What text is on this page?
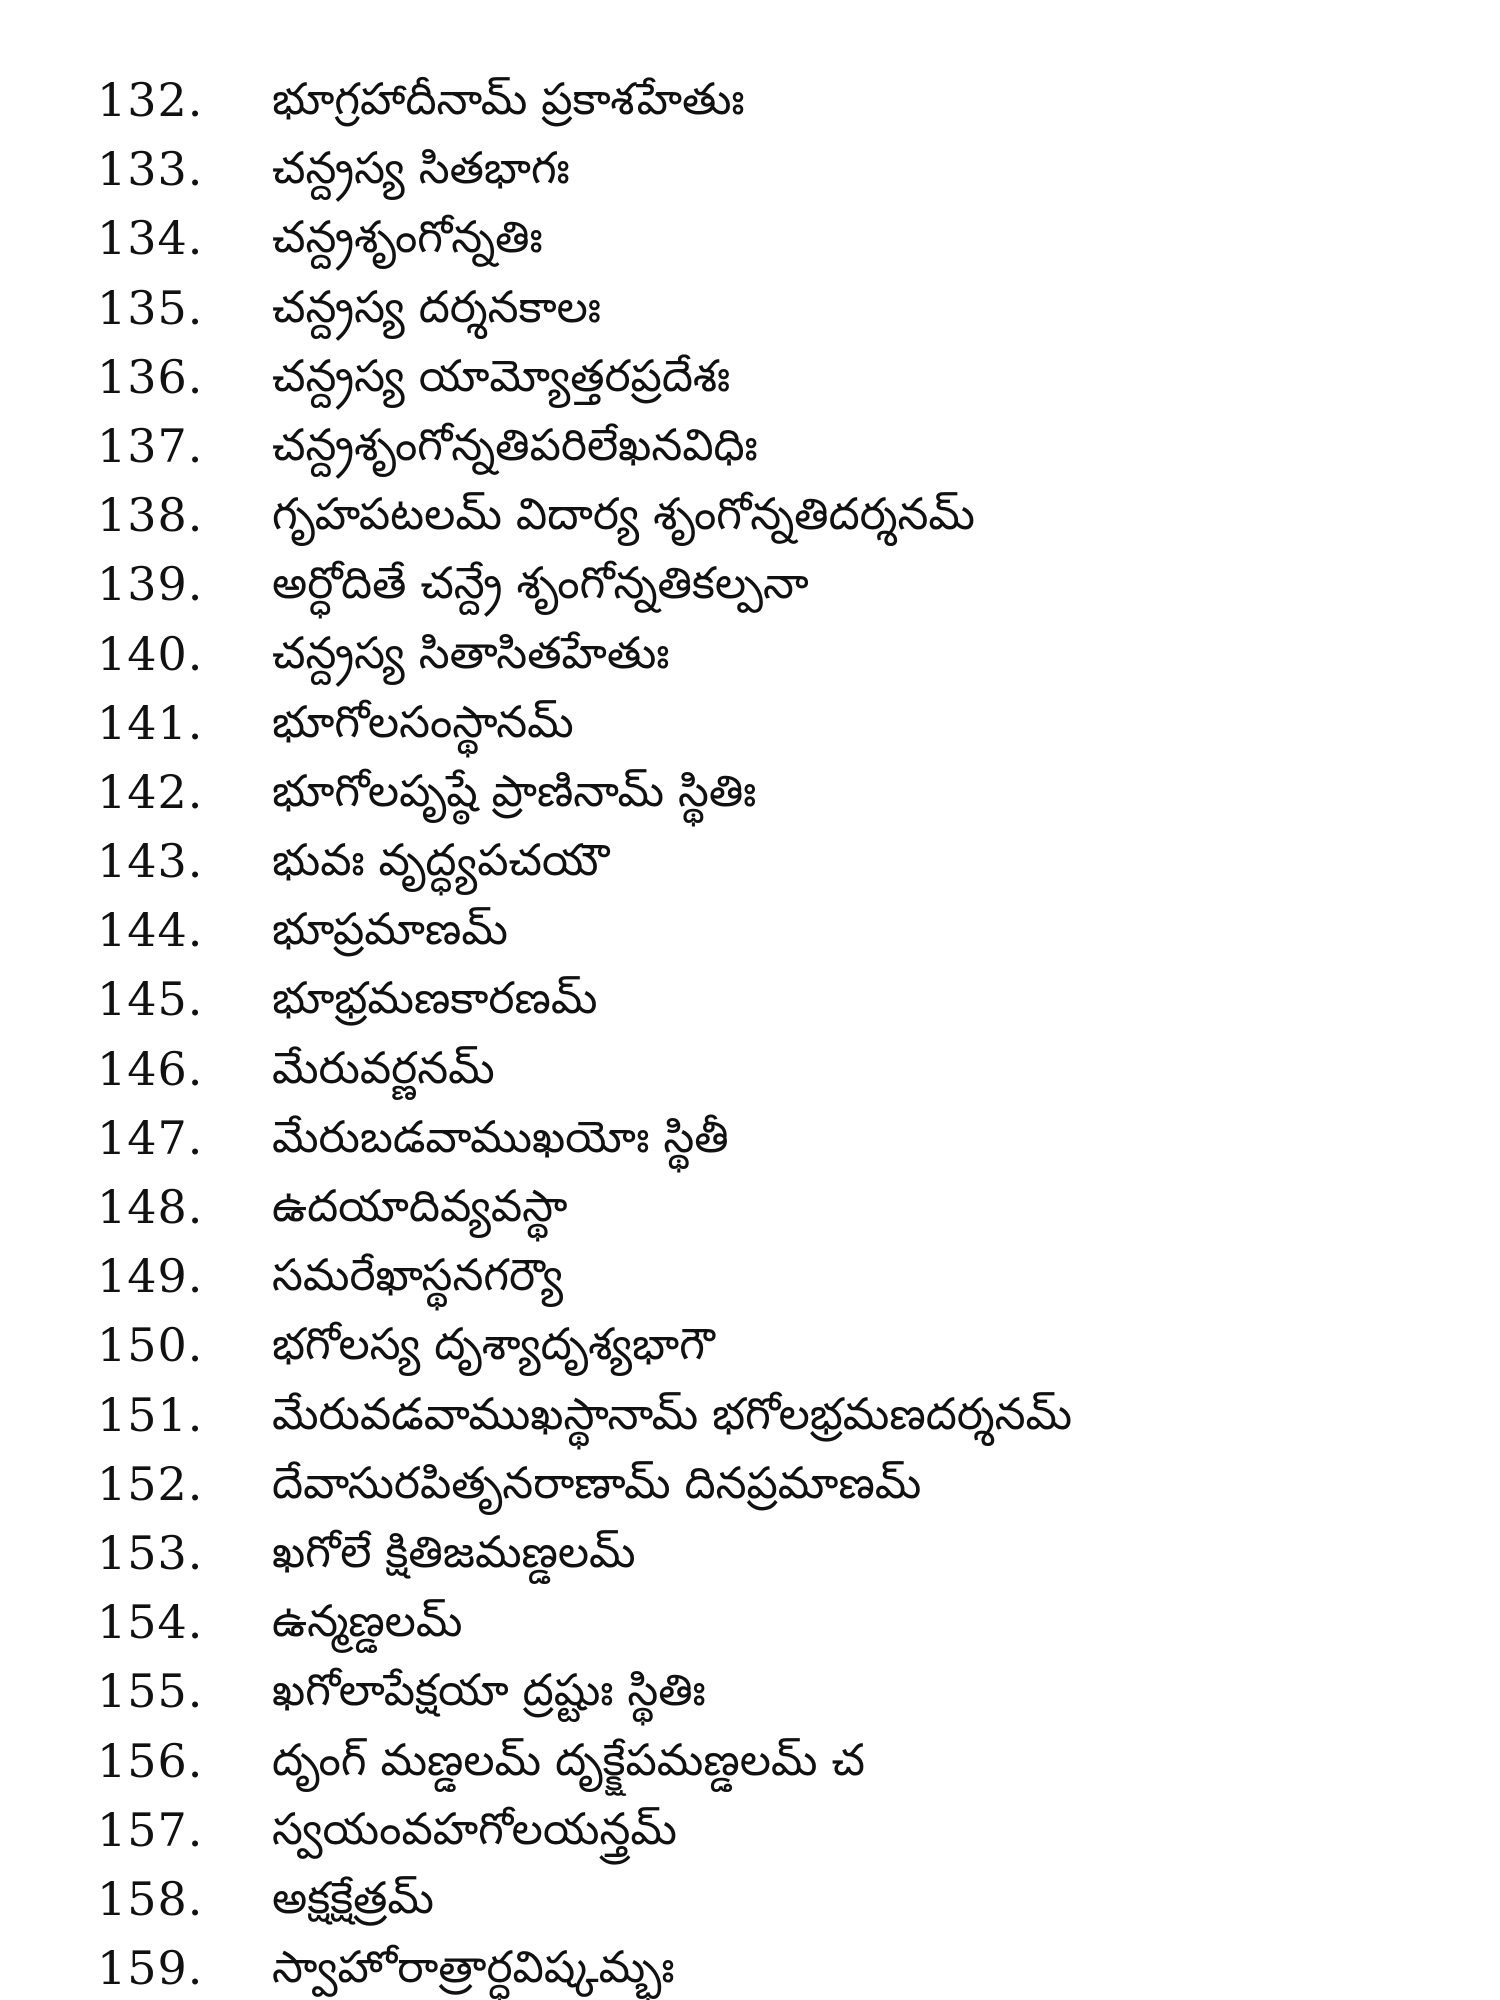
132. భూగ్రహాదీనామ్ ప్రకాశహేతుః
133. చన్ద్రస్య సితభాగః
134. చన్ద్రశృంగోన్నతిః
135. చన్ద్రస్య దర్శనకాలః
136. చన్ద్రస్య యామ్యోత్తరప్రదేశః
137. చన్ద్రశృంగోన్నతిపరిలేఖనవిధిః
138. గృహపటలమ్ విదార్య శృంగోన్నతిదర్శనమ్
139. అర్ధోదితే చన్ద్రే శృంగోన్నతికల్పనా
140. చన్ద్రస్య సితాసితహేతుః
141. భూగోలసంస్థానమ్
142. భూగోలపృష్ఠే ప్రాణినామ్ స్థితిః
143. భువః వృద్ధ్యపచయౌ
144. భూప్రమాణమ్
145. భూభ్రమణకారణమ్
146. మేరువర్ణనమ్
147. మేరుబడవాముఖయోః స్థితీ
148. ఉదయాదివ్యవస్థా
149. సమరేఖాస్థనగర్యౌ
150. భగోలస్య దృశ్యాదృశ్యభాగౌ
151. మేరువడవాముఖస్థానామ్ భగోలభ్రమణదర్శనమ్
152. దేవాసురపితృనరాణామ్ దినప్రమాణమ్
153. ఖగోలే క్షితిజమణ్డలమ్
154. ఉన్మణ్డలమ్
155. ఖగోలాపేక్షయా ద్రష్టుః స్థితిః
156. దృంగ్ మణ్డలమ్ దృక్క్షేపమణ్డలమ్ చ
157. స్వయంవహగోలయన్త్రమ్
158. అక్షక్షేత్రమ్
159. స్వాహోరాత్రార్ధవిష్కమ్భః
